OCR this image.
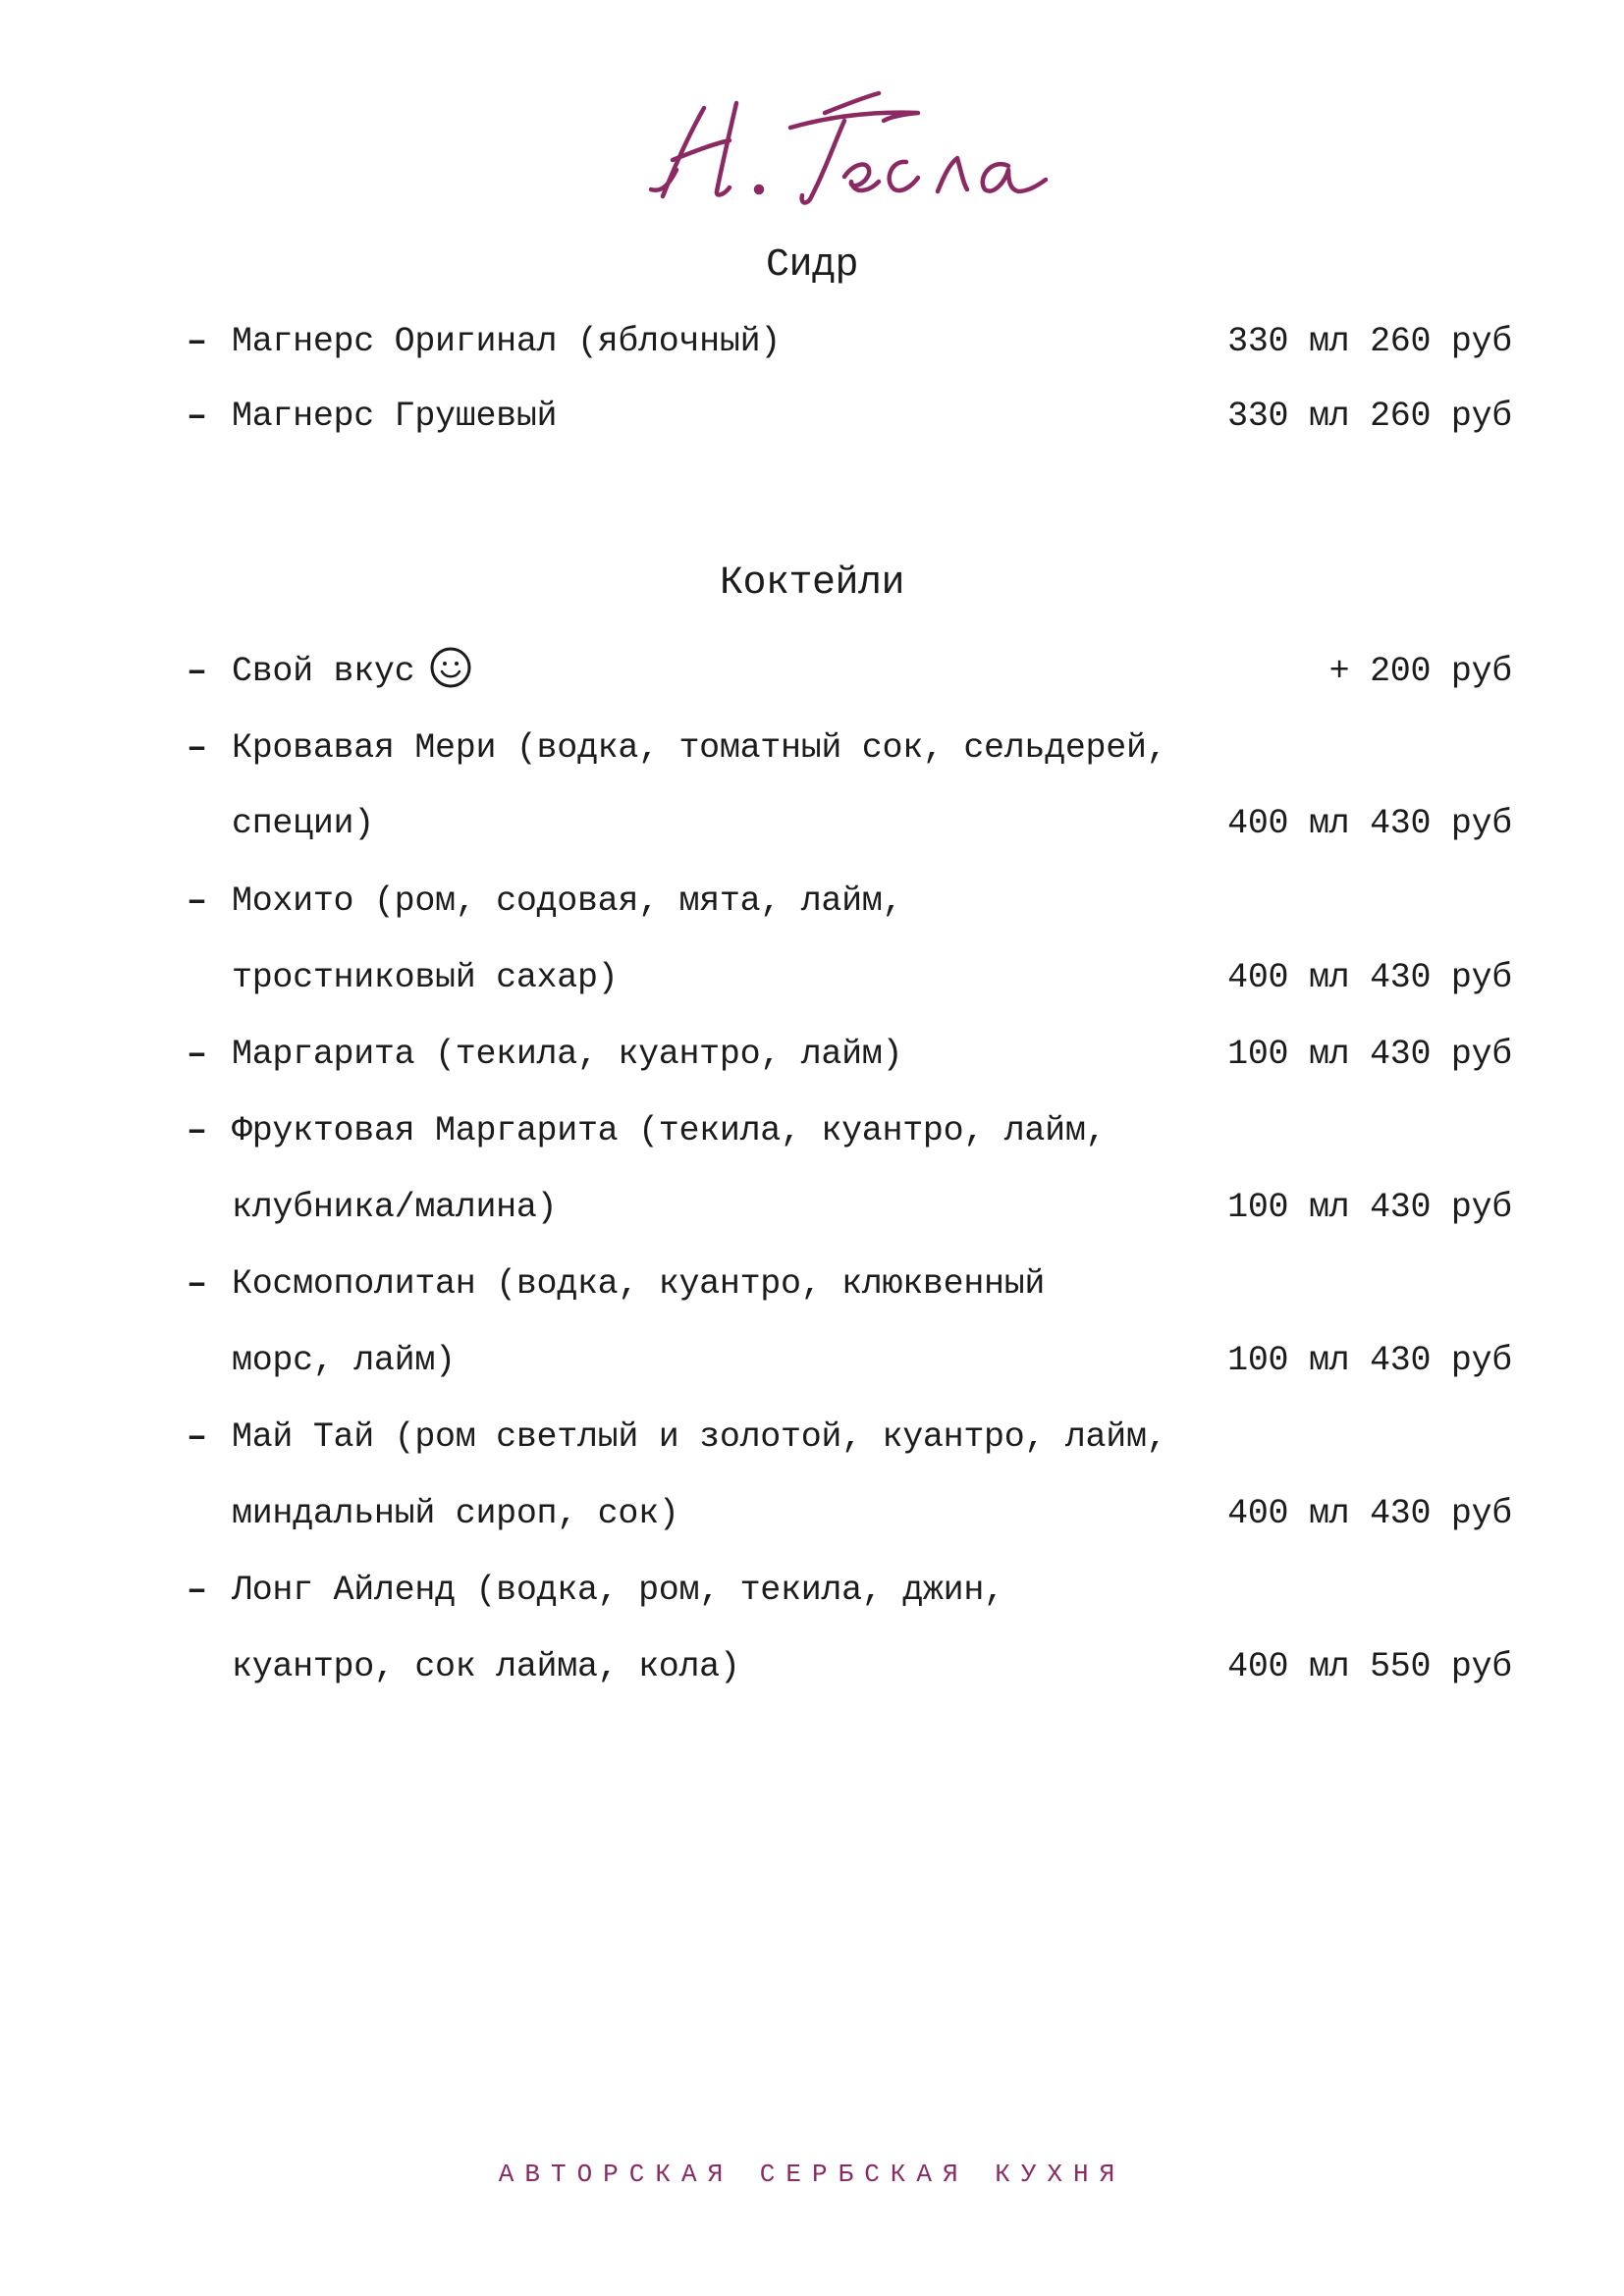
Сидр
– Магнерс Оригинал (яблочный)	330 мл 260 руб
– Магнерс Грушевый	330 мл 260 руб
Коктейли
– Свой вкус	+ 200 руб
– Кровавая Мери (водка, томатный сок, сельдерей,
специи)	400 мл 430 руб
– Мохито (ром, содовая, мята, лайм,
тростниковый сахар)	400 мл 430 руб
– Маргарита (текила, куантро, лайм)	100 мл 430 руб
– Фруктовая Маргарита (текила, куантро, лайм,
клубника/малина)	100 мл 430 руб
– Космополитан (водка, куантро, клюквенный
морс, лайм)	100 мл 430 руб
– Май Тай (ром светлый и золотой, куантро, лайм,
миндальный сироп, сок)	400 мл 430 руб
– Лонг Айленд (водка, ром, текила, джин,
куантро, сок лайма, кола)	400 мл 550 руб
АВТОРСКАЯ СЕРБСКАЯ КУХНЯ
